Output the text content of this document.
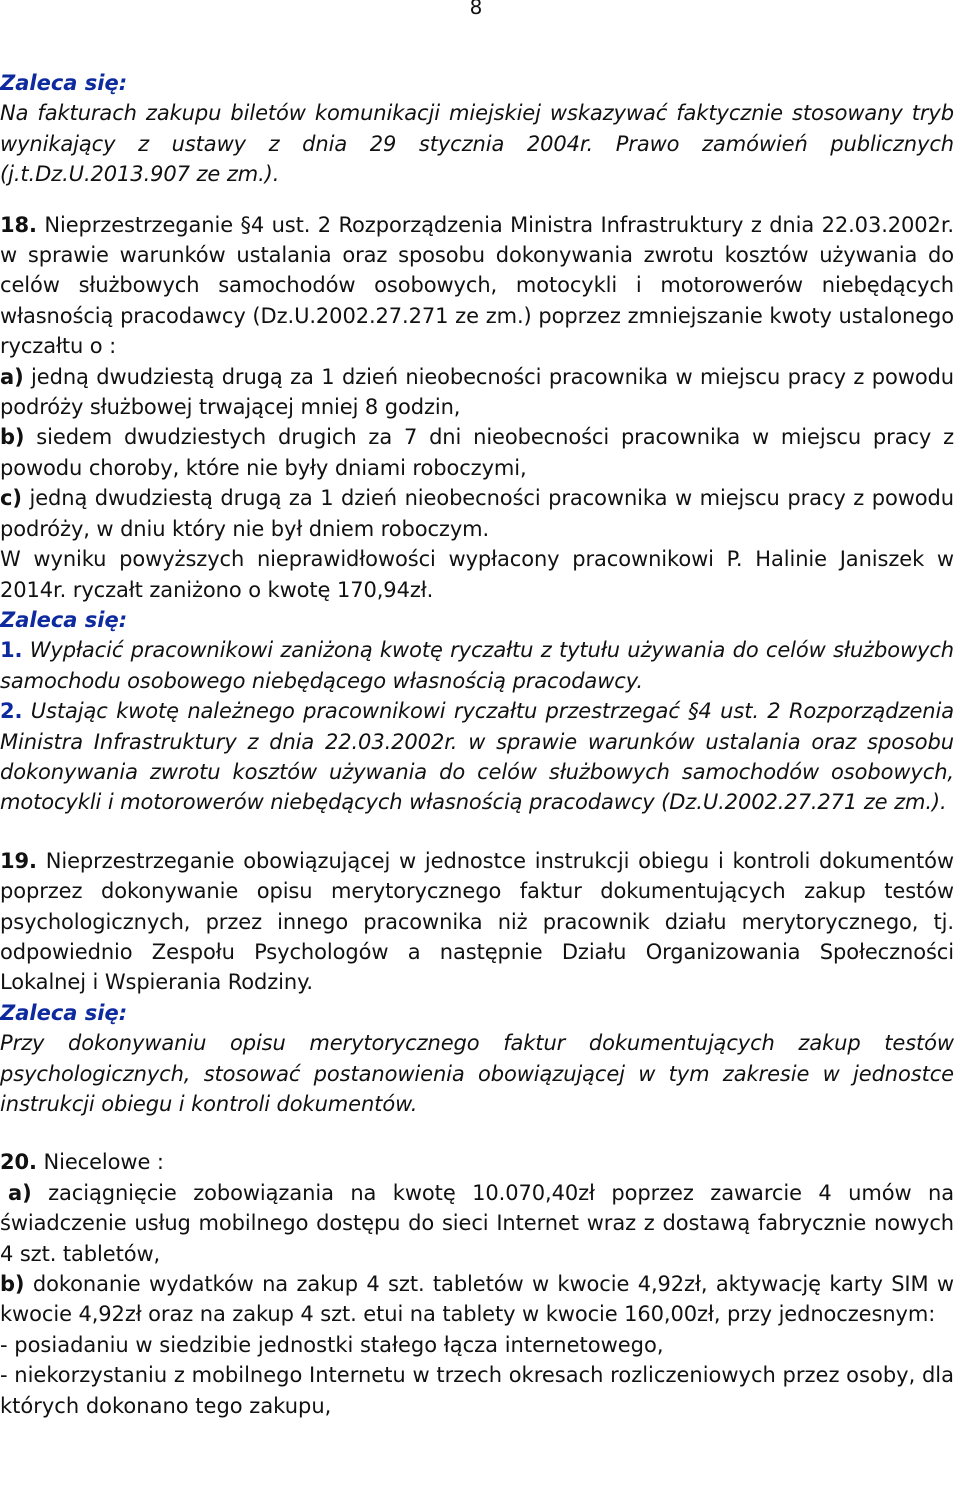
8
Zaleca się:

Na fakturach zakupu biletów komunikacji miejskiej wskazywać faktycznie stosowany tryb wynikający z ustawy z dnia 29 stycznia 2004r. Prawo zamówień publicznych (j.t.Dz.U.2013.907 ze zm.).

18. Nieprzestrzeganie §4 ust. 2 Rozporządzenia Ministra Infrastruktury z dnia 22.03.2002r. w sprawie warunków ustalania oraz sposobu dokonywania zwrotu kosztów używania do celów służbowych samochodów osobowych, motocykli i motorowerów niebędących własnością pracodawcy (Dz.U.2002.27.271 ze zm.) poprzez zmniejszanie kwoty ustalonego ryczałtu o :

a) jedną dwudziestą drugą za 1 dzień nieobecności pracownika w miejscu pracy z powodu podróży służbowej trwającej mniej 8 godzin,

b) siedem dwudziestych drugich za 7 dni nieobecności pracownika w miejscu pracy z powodu choroby, które nie były dniami roboczymi,

c) jedną dwudziestą drugą za 1 dzień nieobecności pracownika w miejscu pracy z powodu podróży, w dniu który nie był dniem roboczym.

W wyniku powyższych nieprawidłowości wypłacony pracownikowi P. Halinie Janiszek w 2014r. ryczałt zaniżono o kwotę 170,94zł.

Zaleca się:

1. Wypłacić pracownikowi zaniżoną kwotę ryczałtu z tytułu używania do celów służbowych samochodu osobowego niebędącego własnością pracodawcy.

2. Ustając kwotę należnego pracownikowi ryczałtu przestrzegać §4 ust. 2 Rozporządzenia Ministra Infrastruktury z dnia 22.03.2002r. w sprawie warunków ustalania oraz sposobu dokonywania zwrotu kosztów używania do celów służbowych samochodów osobowych, motocykli i motorowerów niebędących własnością pracodawcy (Dz.U.2002.27.271 ze zm.).

19. Nieprzestrzeganie obowiązującej w jednostce instrukcji obiegu i kontroli dokumentów poprzez dokonywanie opisu merytorycznego faktur dokumentujących zakup testów psychologicznych, przez innego pracownika niż pracownik działu merytorycznego, tj. odpowiednio Zespołu Psychologów a następnie Działu Organizowania Społeczności Lokalnej i Wspierania Rodziny.

Zaleca się:

Przy dokonywaniu opisu merytorycznego faktur dokumentujących zakup testów psychologicznych, stosować postanowienia obowiązującej w tym zakresie w jednostce instrukcji obiegu i kontroli dokumentów.

20. Niecelowe :

a) zaciągnięcie zobowiązania na kwotę 10.070,40zł poprzez zawarcie 4 umów na świadczenie usług mobilnego dostępu do sieci Internet wraz z dostawą fabrycznie nowych 4 szt. tabletów,

b) dokonanie wydatków na zakup 4 szt. tabletów w kwocie 4,92zł, aktywację karty SIM w kwocie 4,92zł oraz na zakup 4 szt. etui na tablety w kwocie 160,00zł, przy jednoczesnym:

- posiadaniu w siedzibie jednostki stałego łącza internetowego,

- niekorzystaniu z mobilnego Internetu w trzech okresach rozliczeniowych przez osoby, dla których dokonano tego zakupu,
